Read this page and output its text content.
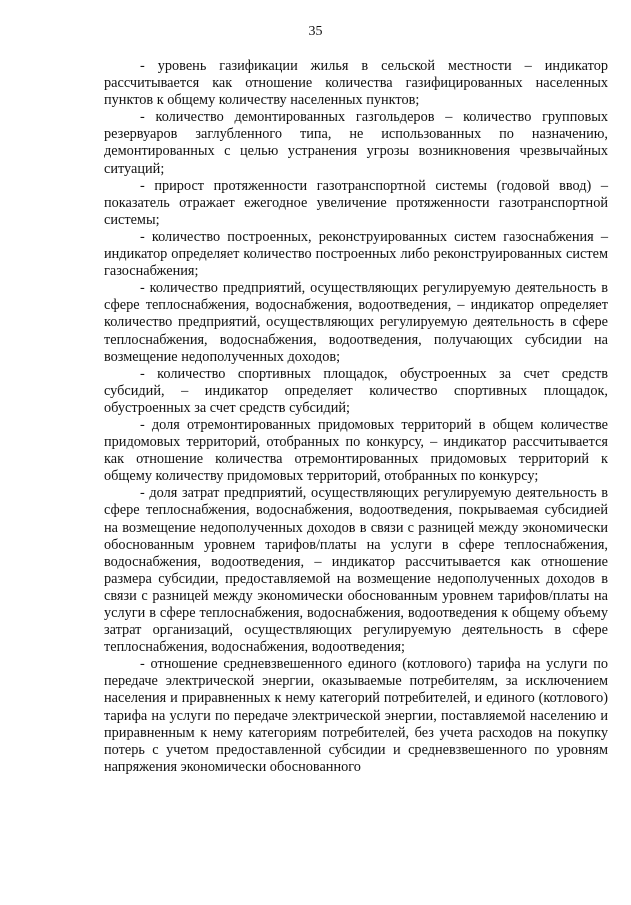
35

- уровень газификации жилья в сельской местности – индикатор рассчитывается как отношение количества газифицированных населенных пунктов к общему количеству населенных пунктов;

- количество демонтированных газгольдеров – количество групповых резервуаров заглубленного типа, не использованных по назначению, демонтированных с целью устранения угрозы возникновения чрезвычайных ситуаций;

- прирост протяженности газотранспортной системы (годовой ввод) – показатель отражает ежегодное увеличение протяженности газотранспортной системы;

- количество построенных, реконструированных систем газоснабжения – индикатор определяет количество построенных либо реконструированных систем газоснабжения;

- количество предприятий, осуществляющих регулируемую деятельность в сфере теплоснабжения, водоснабжения, водоотведения, – индикатор определяет количество предприятий, осуществляющих регулируемую деятельность в сфере теплоснабжения, водоснабжения, водоотведения, получающих субсидии на возмещение недополученных доходов;

- количество спортивных площадок, обустроенных за счет средств субсидий, – индикатор определяет количество спортивных площадок, обустроенных за счет средств субсидий;

- доля отремонтированных придомовых территорий в общем количестве придомовых территорий, отобранных по конкурсу, – индикатор рассчитывается как отношение количества отремонтированных придомовых территорий к общему количеству придомовых территорий, отобранных по конкурсу;

- доля затрат предприятий, осуществляющих регулируемую деятельность в сфере теплоснабжения, водоснабжения, водоотведения, покрываемая субсидией на возмещение недополученных доходов в связи с разницей между экономически обоснованным уровнем тарифов/платы на услуги в сфере теплоснабжения, водоснабжения, водоотведения, – индикатор рассчитывается как отношение размера субсидии, предоставляемой на возмещение недополученных доходов в связи с разницей между экономически обоснованным уровнем тарифов/платы на услуги в сфере теплоснабжения, водоснабжения, водоотведения к общему объему затрат организаций, осуществляющих регулируемую деятельность в сфере теплоснабжения, водоснабжения, водоотведения;

- отношение средневзвешенного единого (котлового) тарифа на услуги по передаче электрической энергии, оказываемые потребителям, за исключением населения и приравненных к нему категорий потребителей, и единого (котлового) тарифа на услуги по передаче электрической энергии, поставляемой населению и приравненным к нему категориям потребителей, без учета расходов на покупку потерь с учетом предоставленной субсидии и средневзвешенного по уровням напряжения экономически обоснованного
